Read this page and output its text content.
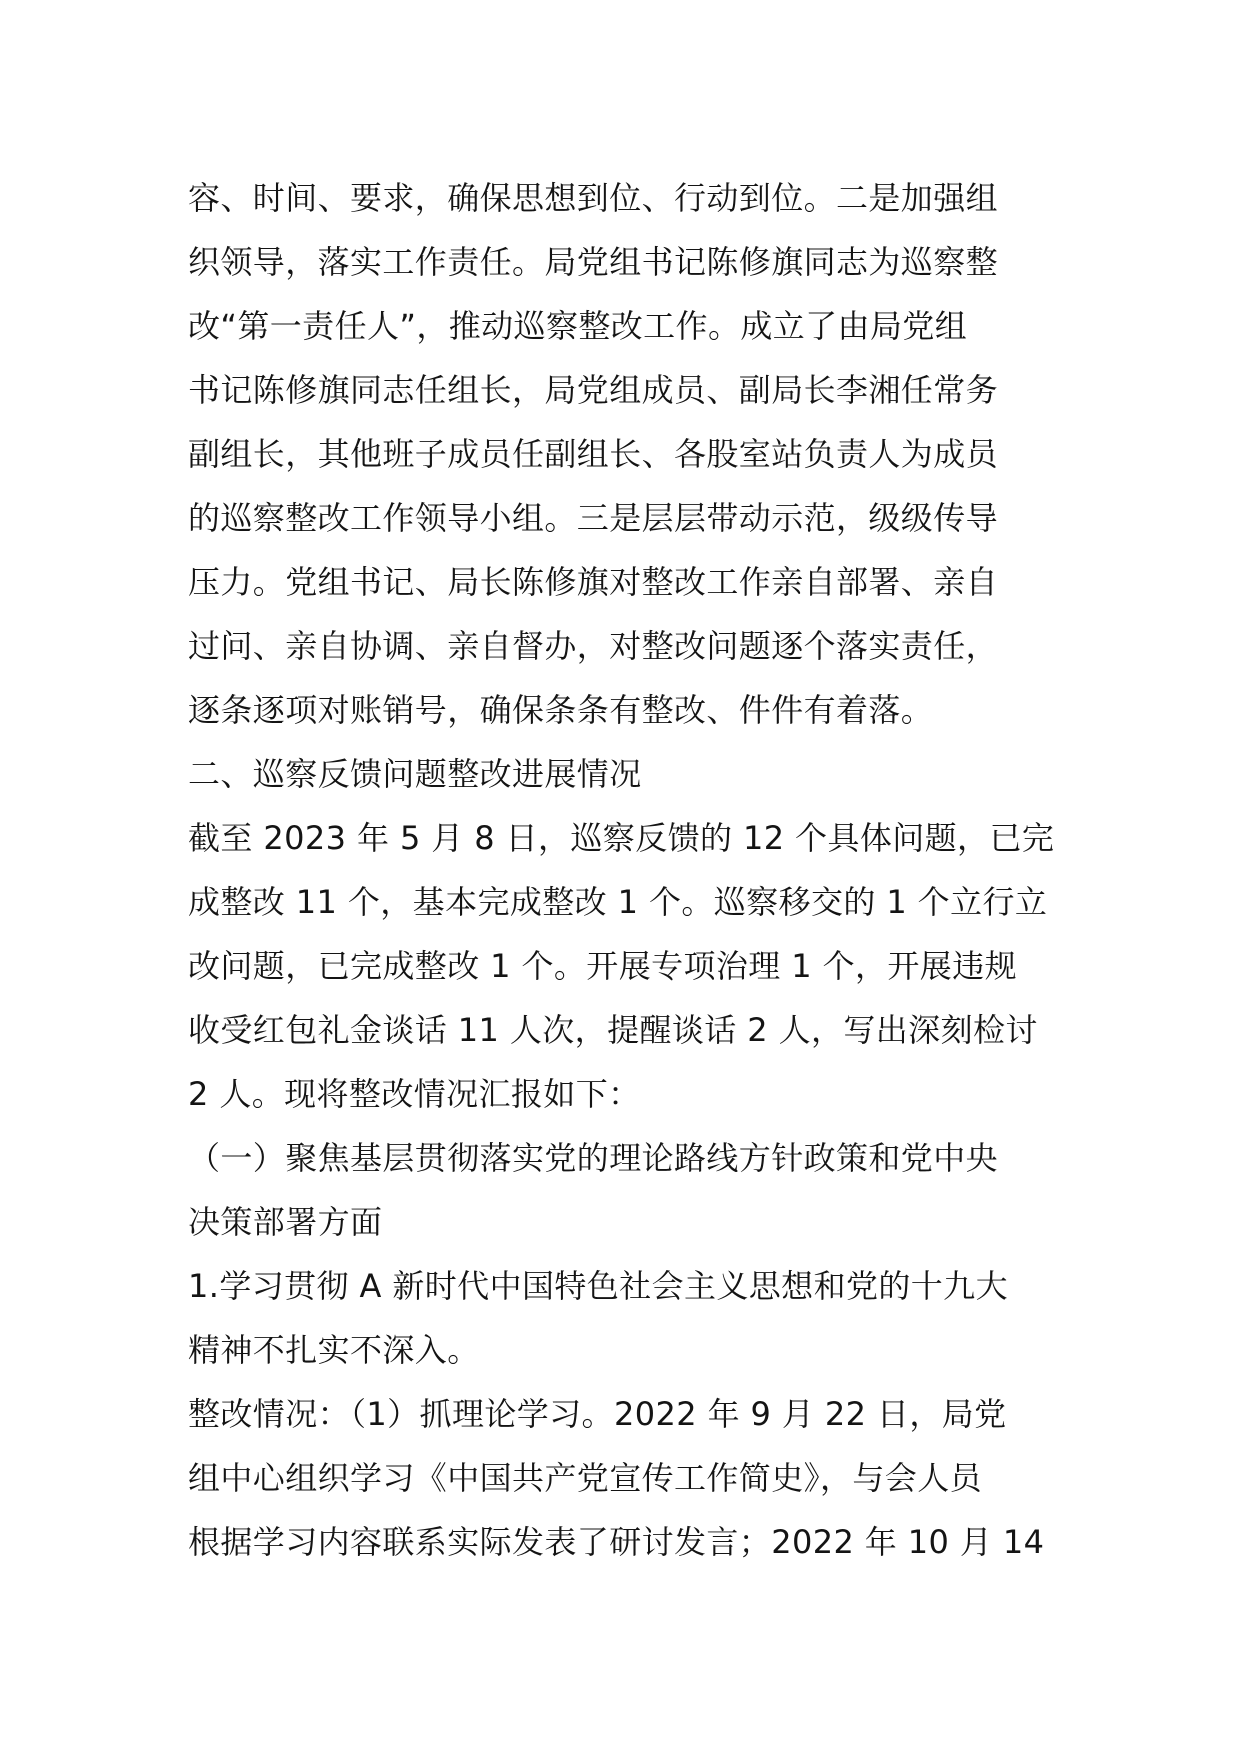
容、时间、要求，确保思想到位、行动到位。二是加强组
织领导，落实工作责任。局党组书记陈修旗同志为巡察整
改“第一责任人”，推动巡察整改工作。成立了由局党组
书记陈修旗同志任组长，局党组成员、副局长李湘任常务
副组长，其他班子成员任副组长、各股室站负责人为成员
的巡察整改工作领导小组。三是层层带动示范，级级传导
压力。党组书记、局长陈修旗对整改工作亲自部署、亲自
过问、亲自协调、亲自督办，对整改问题逐个落实责任，
逐条逐项对账销号，确保条条有整改、件件有着落。
二、巡察反馈问题整改进展情况
截至 2023 年 5 月 8 日，巡察反馈的 12 个具体问题，已完
成整改 11 个，基本完成整改 1 个。巡察移交的 1 个立行立
改问题，已完成整改 1 个。开展专项治理 1 个，开展违规
收受红包礼金谈话 11 人次，提醒谈话 2 人，写出深刻检讨
2 人。现将整改情况汇报如下：
（一）聚焦基层贯彻落实党的理论路线方针政策和党中央
决策部署方面
1.学习贯彻 A 新时代中国特色社会主义思想和党的十九大
精神不扎实不深入。
整改情况：（1）抓理论学习。2022 年 9 月 22 日，局党
组中心组织学习《中国共产党宣传工作简史》，与会人员
根据学习内容联系实际发表了研讨发言；2022 年 10 月 14
